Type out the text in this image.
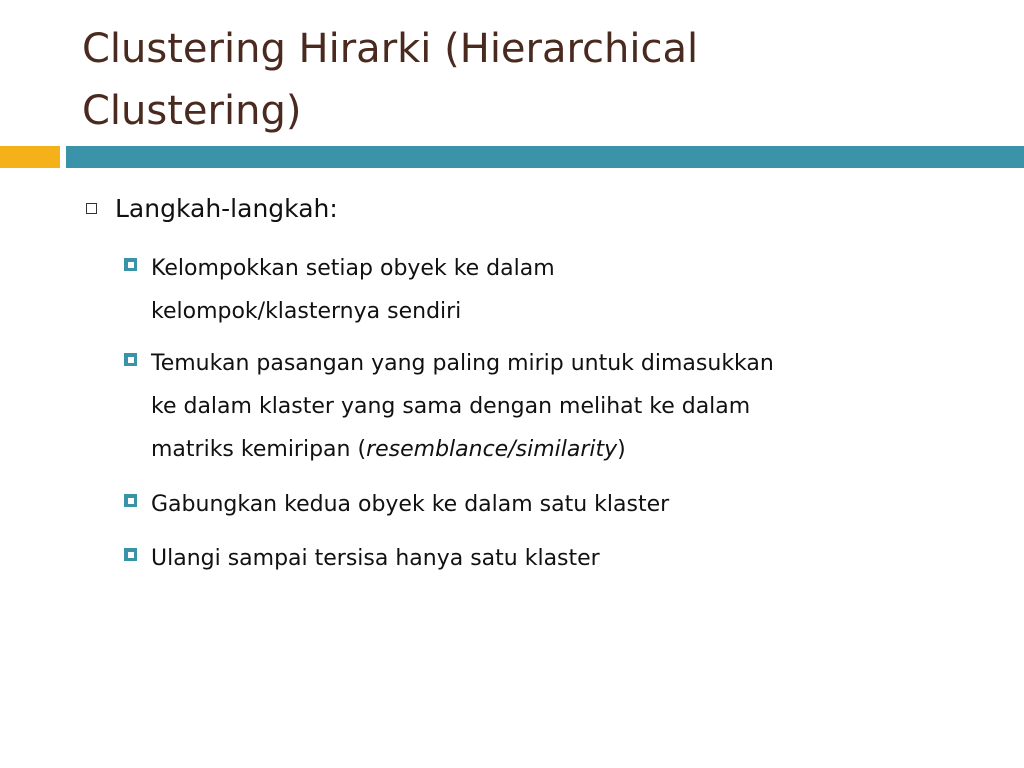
Clustering Hirarki (Hierarchical
Clustering)
Langkah-langkah:
Kelompokkan setiap obyek ke dalam
kelompok/klasternya sendiri
Temukan pasangan yang paling mirip untuk dimasukkan
ke dalam klaster yang sama dengan melihat ke dalam
matriks kemiripan (resemblance/similarity)
Gabungkan kedua obyek ke dalam satu klaster
Ulangi sampai tersisa hanya satu klaster
